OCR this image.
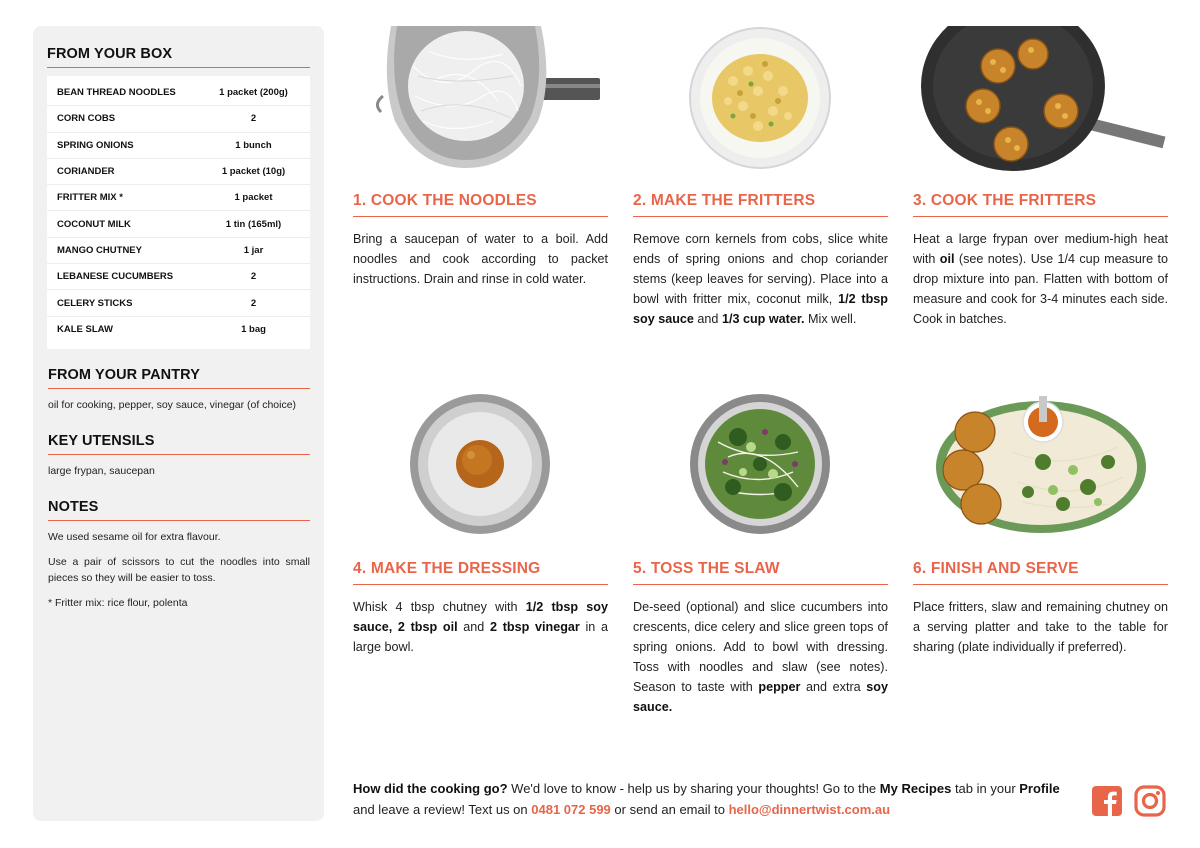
FROM YOUR BOX
BEAN THREAD NOODLES	1 packet (200g)
CORN COBS	2
SPRING ONIONS	1 bunch
CORIANDER	1 packet (10g)
FRITTER MIX *	1 packet
COCONUT MILK	1 tin (165ml)
MANGO CHUTNEY	1 jar
LEBANESE CUCUMBERS	2
CELERY STICKS	2
KALE SLAW	1 bag
FROM YOUR PANTRY
oil for cooking, pepper, soy sauce, vinegar (of choice)
KEY UTENSILS
large frypan, saucepan
NOTES
We used sesame oil for extra flavour.
Use a pair of scissors to cut the noodles into small pieces so they will be easier to toss.
* Fritter mix: rice flour, polenta
1. COOK THE NOODLES
Bring a saucepan of water to a boil. Add noodles and cook according to packet instructions. Drain and rinse in cold water.
2. MAKE THE FRITTERS
Remove corn kernels from cobs, slice white ends of spring onions and chop coriander stems (keep leaves for serving). Place into a bowl with fritter mix, coconut milk, 1/2 tbsp soy sauce and 1/3 cup water. Mix well.
3. COOK THE FRITTERS
Heat a large frypan over medium-high heat with oil (see notes). Use 1/4 cup measure to drop mixture into pan. Flatten with bottom of measure and cook for 3-4 minutes each side. Cook in batches.
4. MAKE THE DRESSING
Whisk 4 tbsp chutney with 1/2 tbsp soy sauce, 2 tbsp oil and 2 tbsp vinegar in a large bowl.
5. TOSS THE SLAW
De-seed (optional) and slice cucumbers into crescents, dice celery and slice green tops of spring onions. Add to bowl with dressing. Toss with noodles and slaw (see notes). Season to taste with pepper and extra soy sauce.
6. FINISH AND SERVE
Place fritters, slaw and remaining chutney on a serving platter and take to the table for sharing (plate individually if preferred).
How did the cooking go? We'd love to know - help us by sharing your thoughts! Go to the My Recipes tab in your Profile and leave a review! Text us on 0481 072 599 or send an email to hello@dinnertwist.com.au
